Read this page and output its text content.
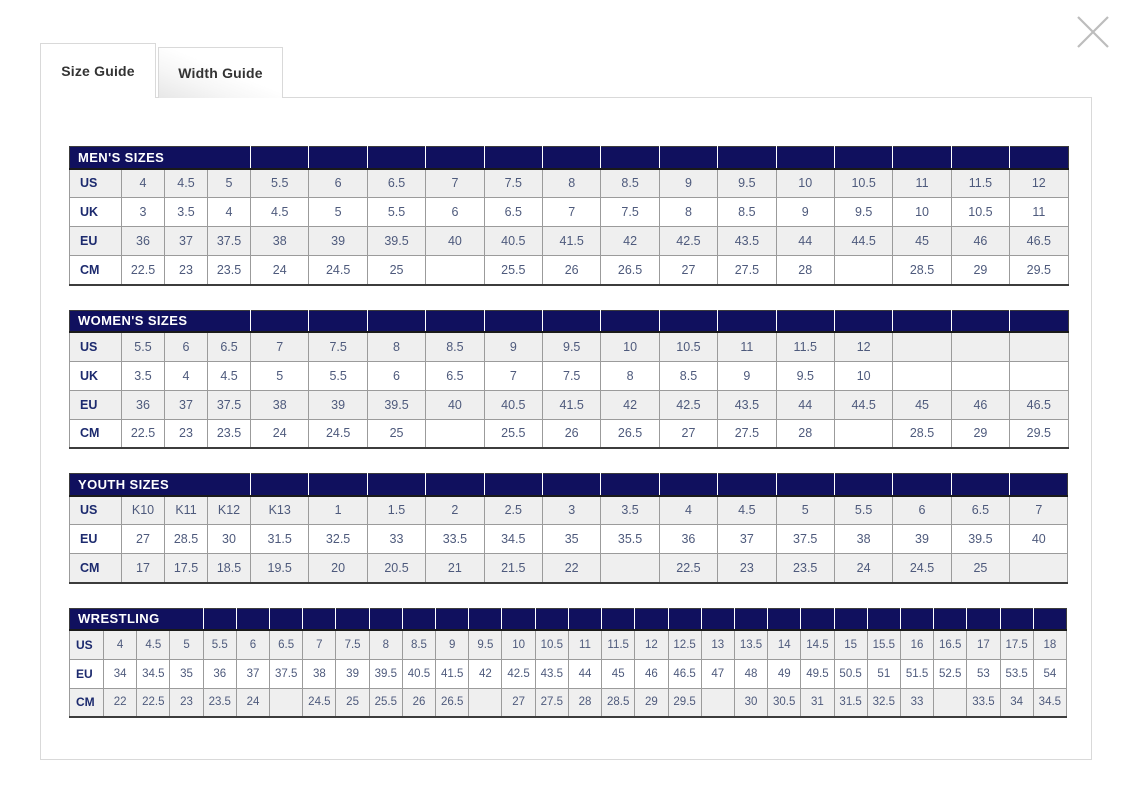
Size Guide	Width Guide
MEN'S SIZES																	
US	4	4.5	5	5.5	6	6.5	7	7.5	8	8.5	9	9.5	10	10.5	11	11.5	12
UK	3	3.5	4	4.5	5	5.5	6	6.5	7	7.5	8	8.5	9	9.5	10	10.5	11
EU	36	37	37.5	38	39	39.5	40	40.5	41.5	42	42.5	43.5	44	44.5	45	46	46.5
CM	22.5	23	23.5	24	24.5	25		25.5	26	26.5	27	27.5	28		28.5	29	29.5
WOMEN'S SIZES																	
US	5.5	6	6.5	7	7.5	8	8.5	9	9.5	10	10.5	11	11.5	12			
UK	3.5	4	4.5	5	5.5	6	6.5	7	7.5	8	8.5	9	9.5	10			
EU	36	37	37.5	38	39	39.5	40	40.5	41.5	42	42.5	43.5	44	44.5	45	46	46.5
CM	22.5	23	23.5	24	24.5	25		25.5	26	26.5	27	27.5	28		28.5	29	29.5
YOUTH SIZES																	
US	K10	K11	K12	K13	1	1.5	2	2.5	3	3.5	4	4.5	5	5.5	6	6.5	7
EU	27	28.5	30	31.5	32.5	33	33.5	34.5	35	35.5	36	37	37.5	38	39	39.5	40
CM	17	17.5	18.5	19.5	20	20.5	21	21.5	22		22.5	23	23.5	24	24.5	25	
WRESTLING																													
US	4	4.5	5	5.5	6	6.5	7	7.5	8	8.5	9	9.5	10	10.5	11	11.5	12	12.5	13	13.5	14	14.5	15	15.5	16	16.5	17	17.5	18
EU	34	34.5	35	36	37	37.5	38	39	39.5	40.5	41.5	42	42.5	43.5	44	45	46	46.5	47	48	49	49.5	50.5	51	51.5	52.5	53	53.5	54
CM	22	22.5	23	23.5	24		24.5	25	25.5	26	26.5		27	27.5	28	28.5	29	29.5		30	30.5	31	31.5	32.5	33		33.5	34	34.5
